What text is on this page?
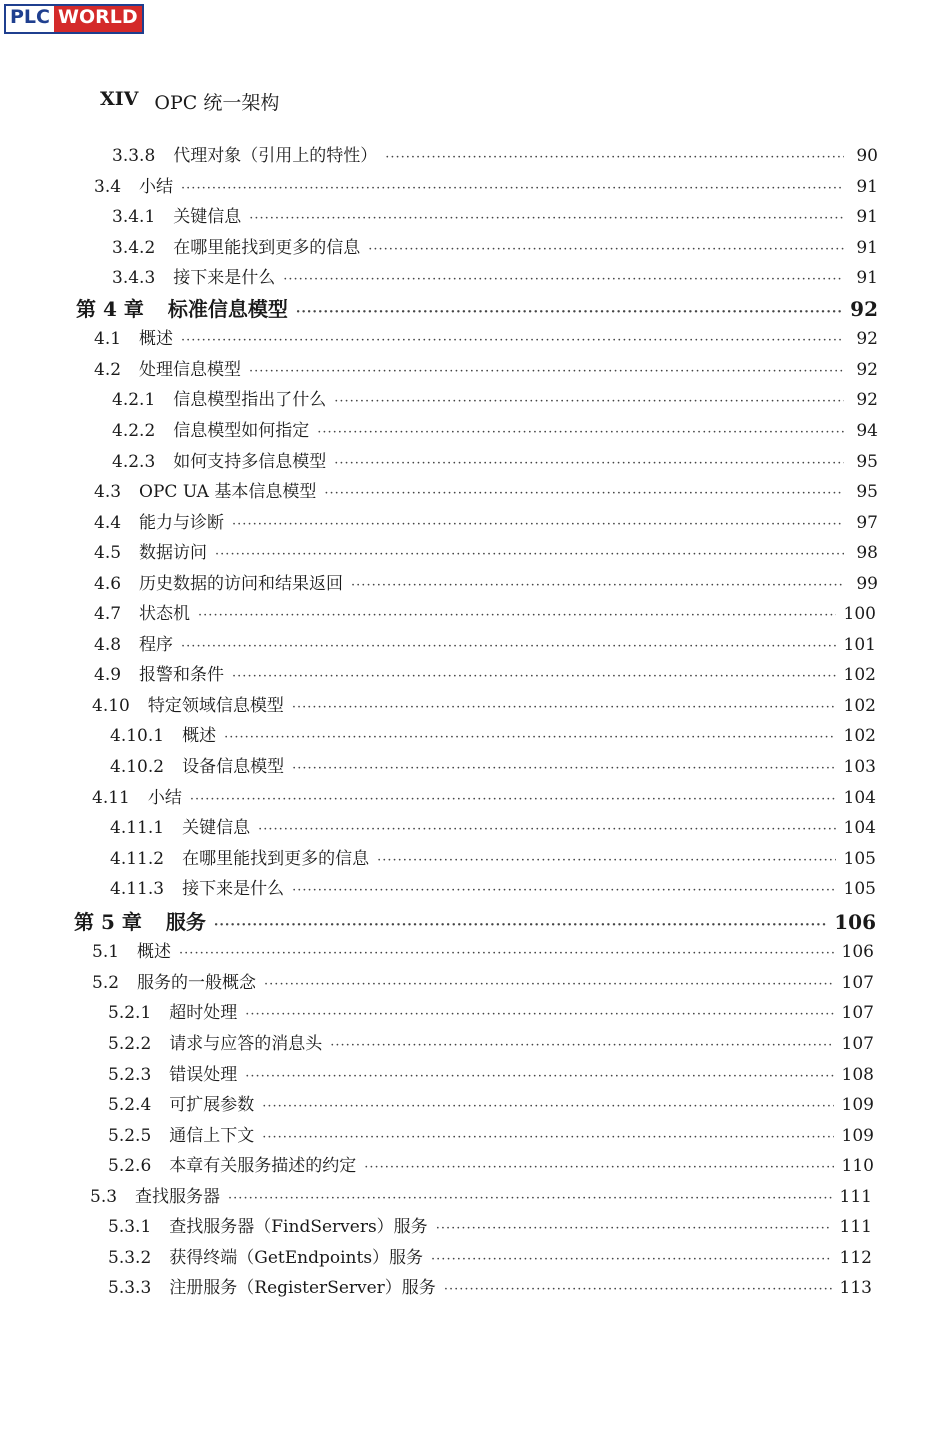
PLC WORLD
XIV OPC 统一架构
3.3.8 代理对象（引用上的特性） ·····	90
3.4 小结 ·····	91
3.4.1 关键信息 ·····	91
3.4.2 在哪里能找到更多的信息 ·····	91
3.4.3 接下来是什么 ·····	91
第 4 章 标准信息模型 ·····	92
4.1 概述 ·····	92
4.2 处理信息模型 ·····	92
4.2.1 信息模型指出了什么 ·····	92
4.2.2 信息模型如何指定 ·····	94
4.2.3 如何支持多信息模型 ·····	95
4.3 OPC UA 基本信息模型 ·····	95
4.4 能力与诊断 ·····	97
4.5 数据访问 ·····	98
4.6 历史数据的访问和结果返回 ·····	99
4.7 状态机 ·····	100
4.8 程序 ·····	101
4.9 报警和条件 ·····	102
4.10 特定领域信息模型 ·····	102
4.10.1 概述 ·····	102
4.10.2 设备信息模型 ·····	103
4.11 小结 ·····	104
4.11.1 关键信息 ·····	104
4.11.2 在哪里能找到更多的信息 ·····	105
4.11.3 接下来是什么 ·····	105
第 5 章 服务 ·····	106
5.1 概述 ·····	106
5.2 服务的一般概念 ·····	107
5.2.1 超时处理 ·····	107
5.2.2 请求与应答的消息头 ·····	107
5.2.3 错误处理 ·····	108
5.2.4 可扩展参数 ·····	109
5.2.5 通信上下文 ·····	109
5.2.6 本章有关服务描述的约定 ·····	110
5.3 查找服务器 ·····	111
5.3.1 查找服务器（FindServers）服务 ·····	111
5.3.2 获得终端（GetEndpoints）服务 ·····	112
5.3.3 注册服务（RegisterServer）服务 ·····	113
